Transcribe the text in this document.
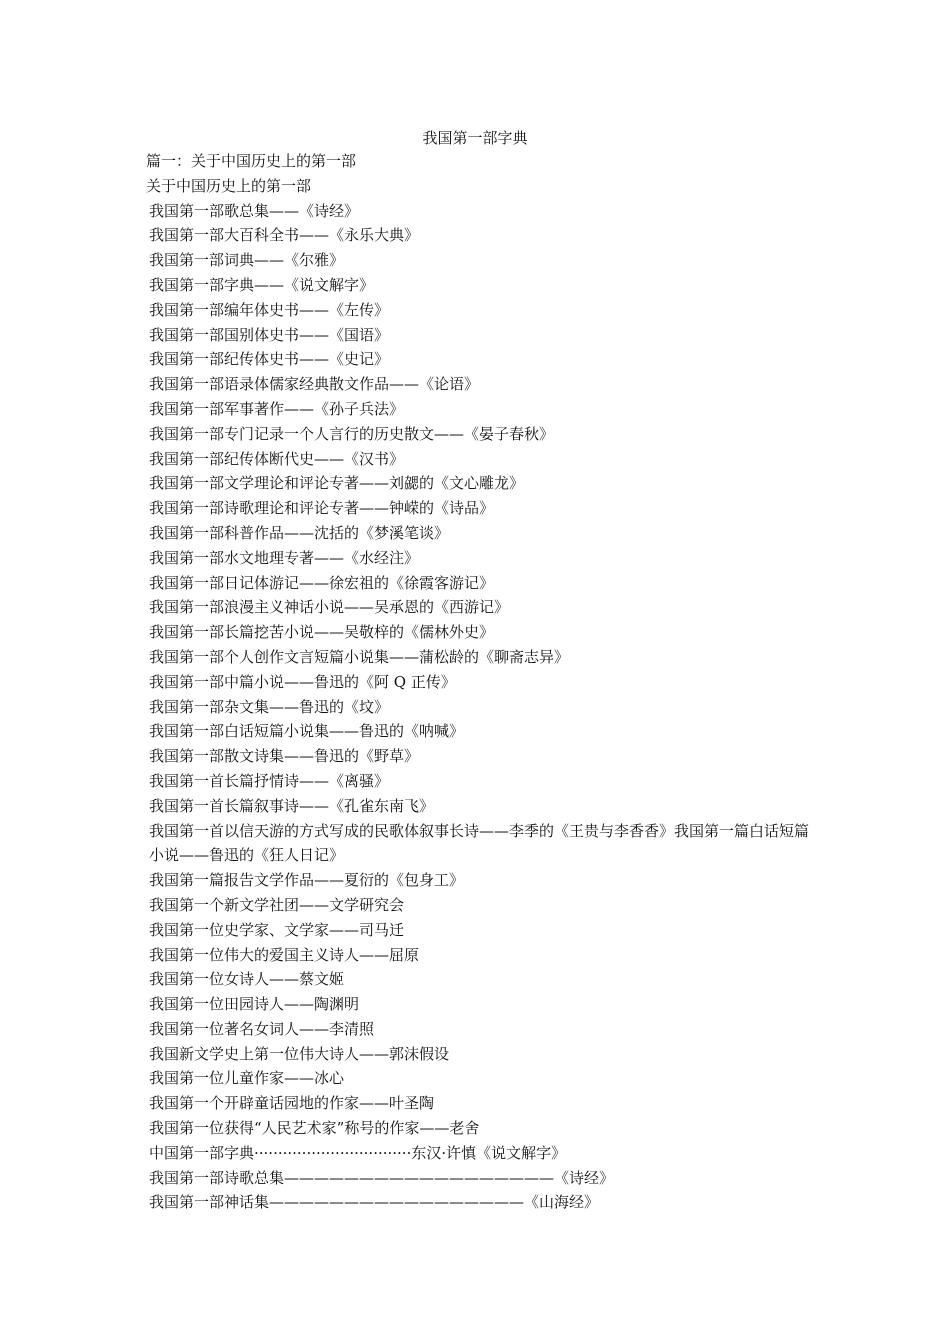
我国第一部字典
篇一：关于中国历史上的第一部
关于中国历史上的第一部
我国第一部歌总集——《诗经》
我国第一部大百科全书——《永乐大典》
我国第一部词典——《尔雅》
我国第一部字典——《说文解字》
我国第一部编年体史书——《左传》
我国第一部国别体史书——《国语》
我国第一部纪传体史书——《史记》
我国第一部语录体儒家经典散文作品——《论语》
我国第一部军事著作——《孙子兵法》
我国第一部专门记录一个人言行的历史散文——《晏子春秋》
我国第一部纪传体断代史——《汉书》
我国第一部文学理论和评论专著——刘勰的《文心雕龙》
我国第一部诗歌理论和评论专著——钟嵘的《诗品》
我国第一部科普作品——沈括的《梦溪笔谈》
我国第一部水文地理专著——《水经注》
我国第一部日记体游记——徐宏祖的《徐霞客游记》
我国第一部浪漫主义神话小说——吴承恩的《西游记》
我国第一部长篇挖苦小说——吴敬梓的《儒林外史》
我国第一部个人创作文言短篇小说集——蒲松龄的《聊斋志异》
我国第一部中篇小说——鲁迅的《阿 Q 正传》
我国第一部杂文集——鲁迅的《坟》
我国第一部白话短篇小说集——鲁迅的《呐喊》
我国第一部散文诗集——鲁迅的《野草》
我国第一首长篇抒情诗——《离骚》
我国第一首长篇叙事诗——《孔雀东南飞》
我国第一首以信天游的方式写成的民歌体叙事长诗——李季的《王贵与李香香》我国第一篇白话短篇小说——鲁迅的《狂人日记》
我国第一篇报告文学作品——夏衍的《包身工》
我国第一个新文学社团——文学研究会
我国第一位史学家、文学家——司马迁
我国第一位伟大的爱国主义诗人——屈原
我国第一位女诗人——蔡文姬
我国第一位田园诗人——陶渊明
我国第一位著名女词人——李清照
我国新文学史上第一位伟大诗人——郭沫假设
我国第一位儿童作家——冰心
我国第一个开辟童话园地的作家——叶圣陶
我国第一位获得“人民艺术家”称号的作家——老舍
中国第一部字典·································东汉·许慎《说文解字》
我国第一部诗歌总集——————————————————《诗经》
我国第一部神话集—————————————————《山海经》
